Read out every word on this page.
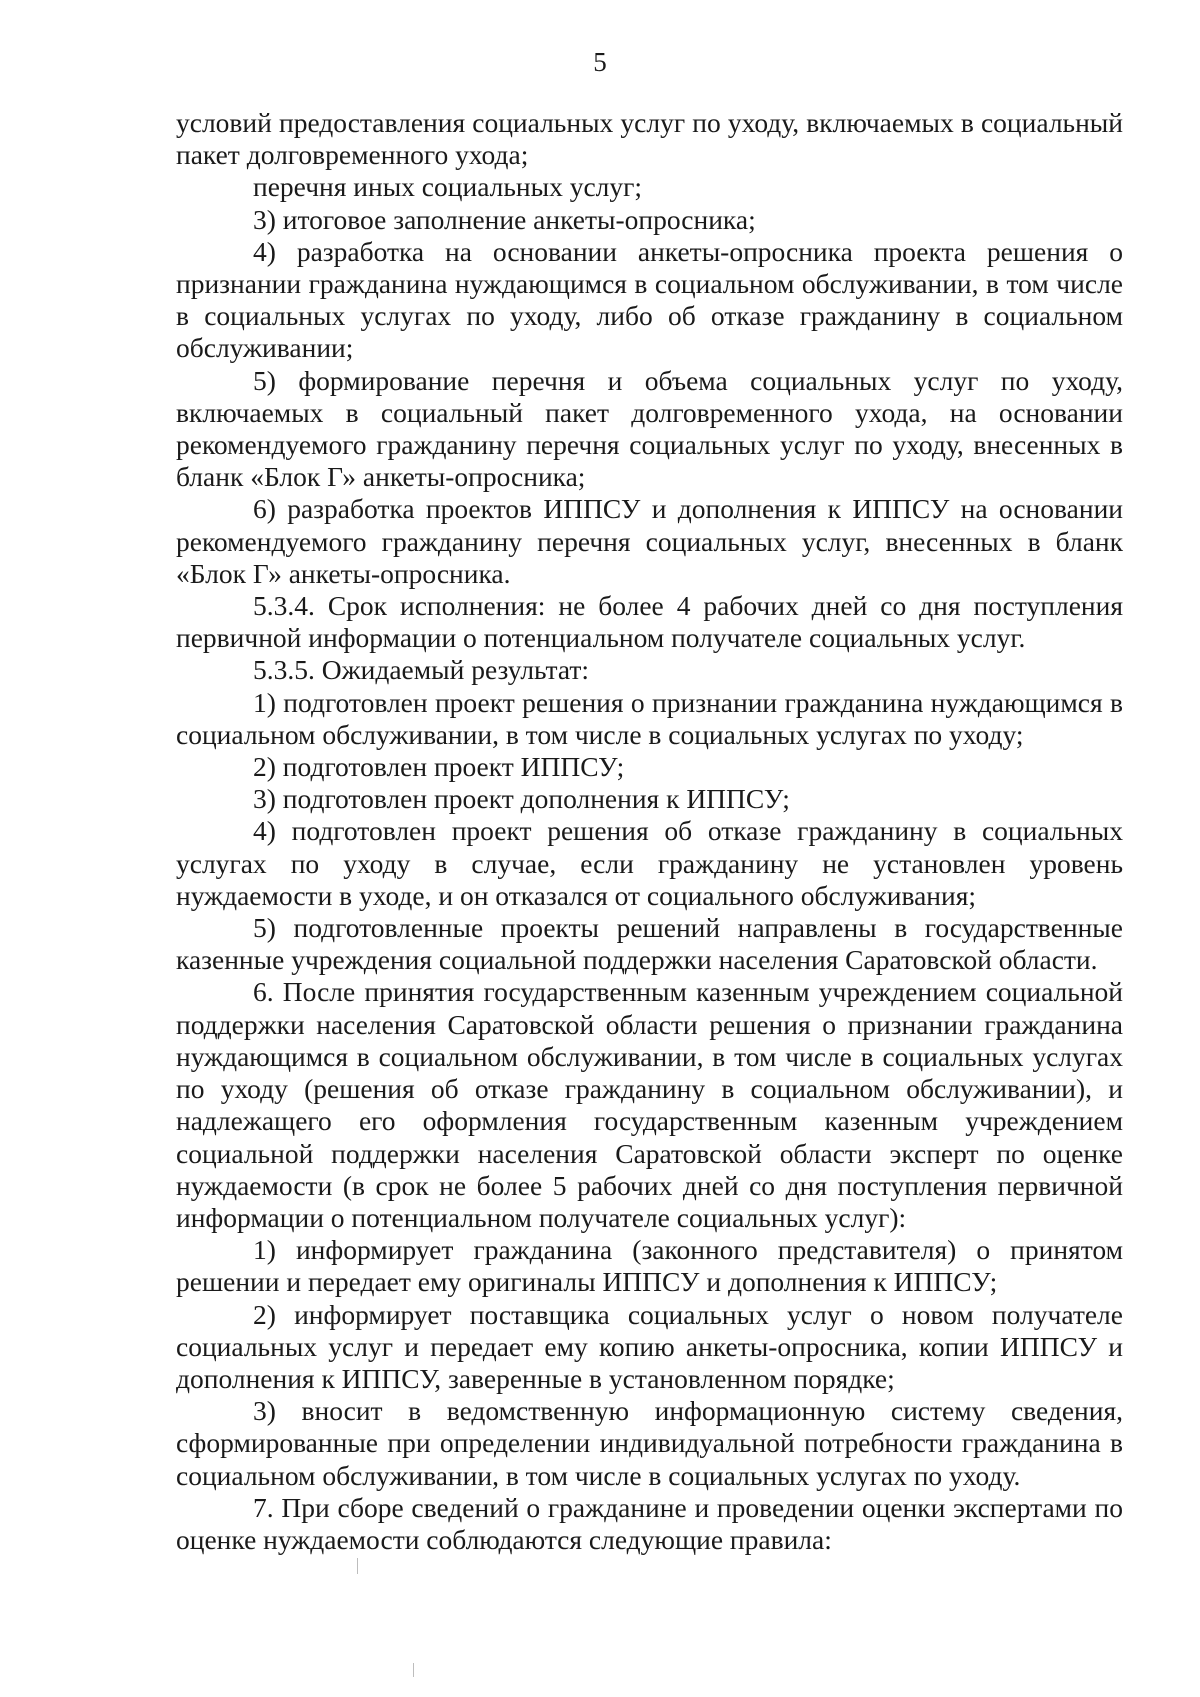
5

условий предоставления социальных услуг по уходу, включаемых в социальный пакет долговременного ухода;

перечня иных социальных услуг;

3) итоговое заполнение анкеты-опросника;

4) разработка на основании анкеты-опросника проекта решения о признании гражданина нуждающимся в социальном обслуживании, в том числе в социальных услугах по уходу, либо об отказе гражданину в социальном обслуживании;

5) формирование перечня и объема социальных услуг по уходу, включаемых в социальный пакет долговременного ухода, на основании рекомендуемого гражданину перечня социальных услуг по уходу, внесенных в бланк «Блок Г» анкеты-опросника;

6) разработка проектов ИППСУ и дополнения к ИППСУ на основании рекомендуемого гражданину перечня социальных услуг, внесенных в бланк «Блок Г» анкеты-опросника.

5.3.4. Срок исполнения: не более 4 рабочих дней со дня поступления первичной информации о потенциальном получателе социальных услуг.

5.3.5. Ожидаемый результат:

1) подготовлен проект решения о признании гражданина нуждающимся в социальном обслуживании, в том числе в социальных услугах по уходу;

2) подготовлен проект ИППСУ;

3) подготовлен проект дополнения к ИППСУ;

4) подготовлен проект решения об отказе гражданину в социальных услугах по уходу в случае, если гражданину не установлен уровень нуждаемости в уходе, и он отказался от социального обслуживания;

5) подготовленные проекты решений направлены в государственные казенные учреждения социальной поддержки населения Саратовской области.

6. После принятия государственным казенным учреждением социальной поддержки населения Саратовской области решения о признании гражданина нуждающимся в социальном обслуживании, в том числе в социальных услугах по уходу (решения об отказе гражданину в социальном обслуживании), и надлежащего его оформления государственным казенным учреждением социальной поддержки населения Саратовской области эксперт по оценке нуждаемости (в срок не более 5 рабочих дней со дня поступления первичной информации о потенциальном получателе социальных услуг):

1) информирует гражданина (законного представителя) о принятом решении и передает ему оригиналы ИППСУ и дополнения к ИППСУ;

2) информирует поставщика социальных услуг о новом получателе социальных услуг и передает ему копию анкеты-опросника, копии ИППСУ и дополнения к ИППСУ, заверенные в установленном порядке;

3) вносит в ведомственную информационную систему сведения, сформированные при определении индивидуальной потребности гражданина в социальном обслуживании, в том числе в социальных услугах по уходу.

7. При сборе сведений о гражданине и проведении оценки экспертами по оценке нуждаемости соблюдаются следующие правила:
